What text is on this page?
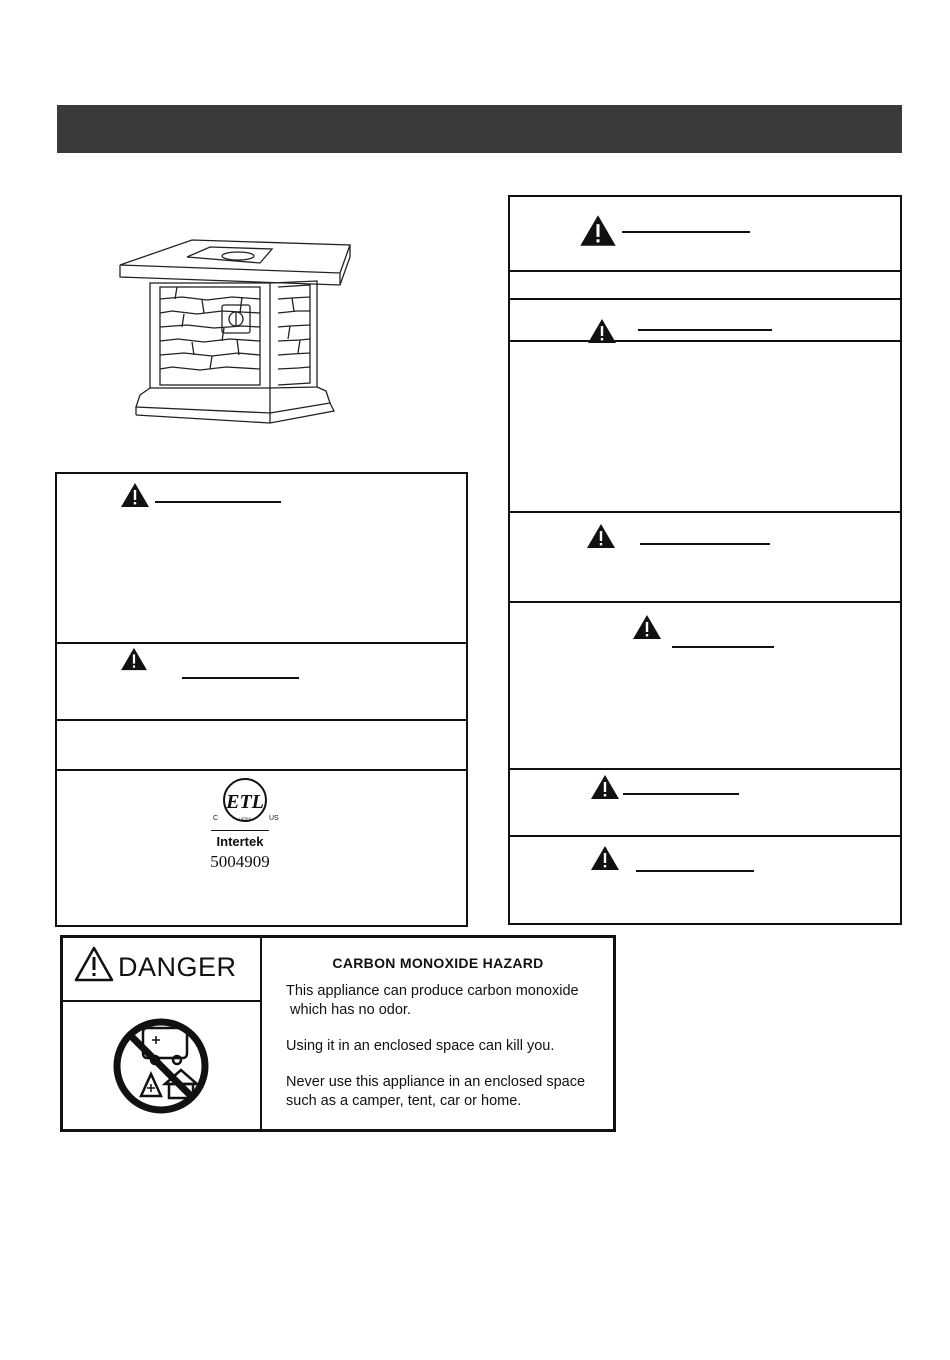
ETL
C	US
LISTED
Intertek
5004909
DANGER	CARBON MONOXIDE HAZARD
This appliance can produce carbon monoxide
which has no odor.
Using it in an enclosed space can kill you.
Never use this appliance in an enclosed space
such as a camper, tent, car or home.
